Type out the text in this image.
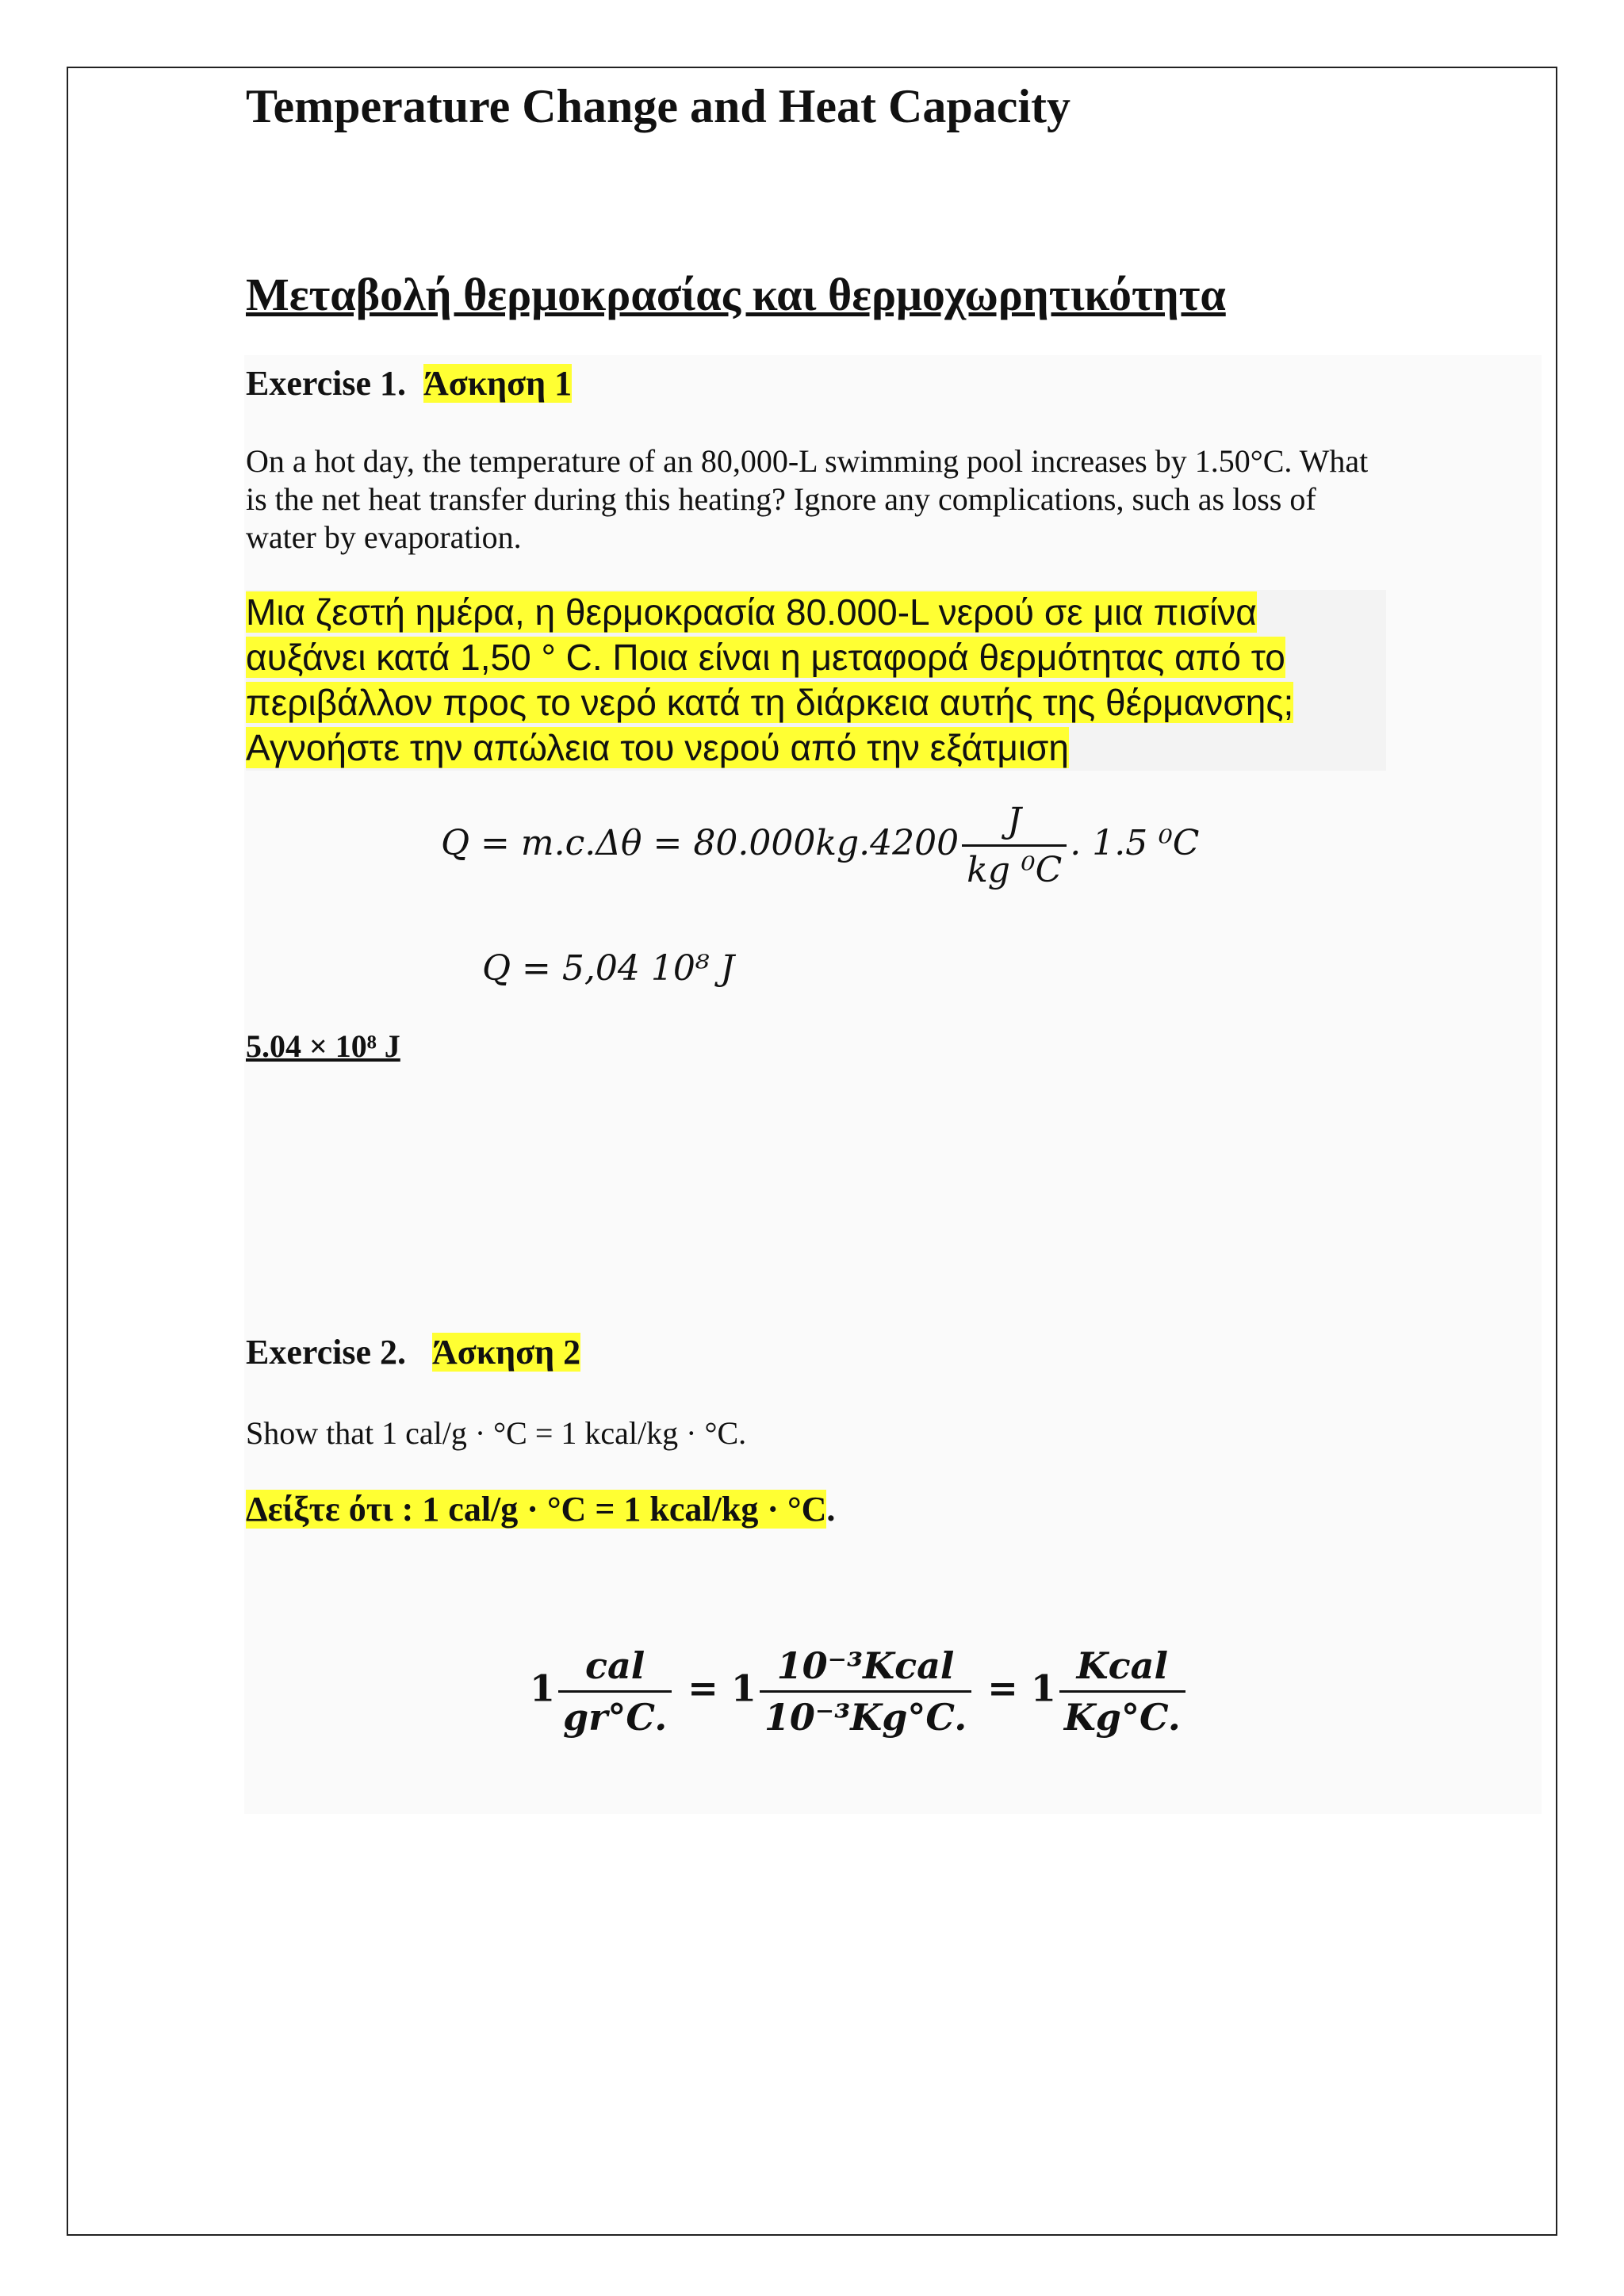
Temperature Change and Heat Capacity
Μεταβολή θερμοκρασίας και θερμοχωρητικότητα
Exercise 1. Άσκηση 1
On a hot day, the temperature of an 80,000-L swimming pool increases by 1.50°C. What is the net heat transfer during this heating? Ignore any complications, such as loss of water by evaporation.
Μια ζεστή ημέρα, η θερμοκρασία 80.000-L νερού σε μια πισίνα αυξάνει κατά 1,50 ° C. Ποια είναι η μεταφορά θερμότητας από το περιβάλλον προς το νερό κατά τη διάρκεια αυτής της θέρμανσης; Αγνοήστε την απώλεια του νερού από την εξάτμιση
$Q = m.c.\Delta\theta = 80.000kg.4200 \frac{J}{\text{kg ⁰C}}$ . 1.5 ⁰C
Q = 5,04 10⁸ J
5.04 × 10⁸ J
Exercise 2. Άσκηση 2
Show that 1 cal/g · °C = 1 kcal/kg · °C.
Δείξτε ότι : 1 cal/g · °C = 1 kcal/kg · °C.
$1 \frac{\text{cal}}{gr^\circ C.} = 1 \frac{\text{10⁻³Kcal}}{\text{10⁻³Kg°C.}} = 1 \frac{\text{Kcal}}{Kg^\circ C.}$
